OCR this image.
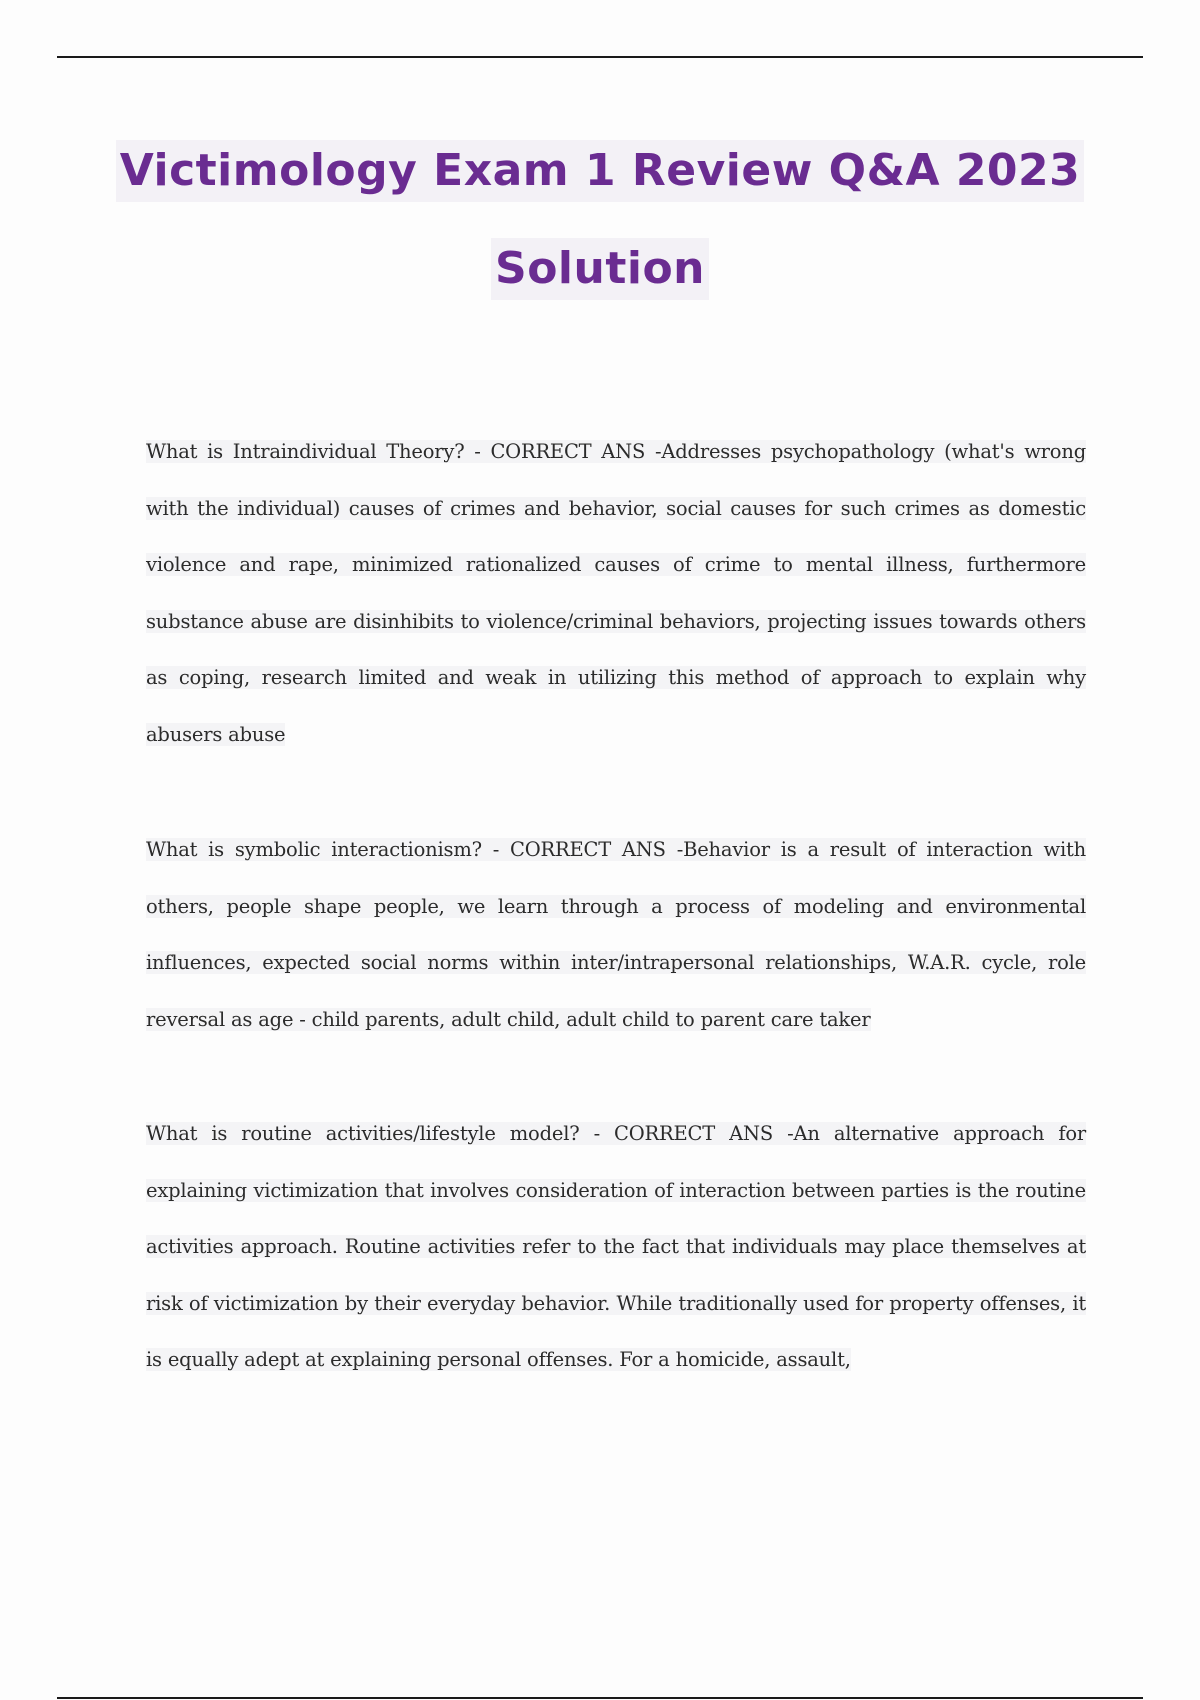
Victimology Exam 1 Review Q&A 2023
Solution

What is Intraindividual Theory? - CORRECT ANS -Addresses psychopathology (what's wrong with the individual) causes of crimes and behavior, social causes for such crimes as domestic violence and rape, minimized rationalized causes of crime to mental illness, furthermore substance abuse are disinhibits to violence/criminal behaviors, projecting issues towards others as coping, research limited and weak in utilizing this method of approach to explain why abusers abuse

What is symbolic interactionism? - CORRECT ANS -Behavior is a result of interaction with others, people shape people, we learn through a process of modeling and environmental influences, expected social norms within inter/intrapersonal relationships, W.A.R. cycle, role reversal as age - child parents, adult child, adult child to parent care taker

What is routine activities/lifestyle model? - CORRECT ANS -An alternative approach for explaining victimization that involves consideration of interaction between parties is the routine activities approach. Routine activities refer to the fact that individuals may place themselves at risk of victimization by their everyday behavior. While traditionally used for property offenses, it is equally adept at explaining personal offenses. For a homicide, assault,
